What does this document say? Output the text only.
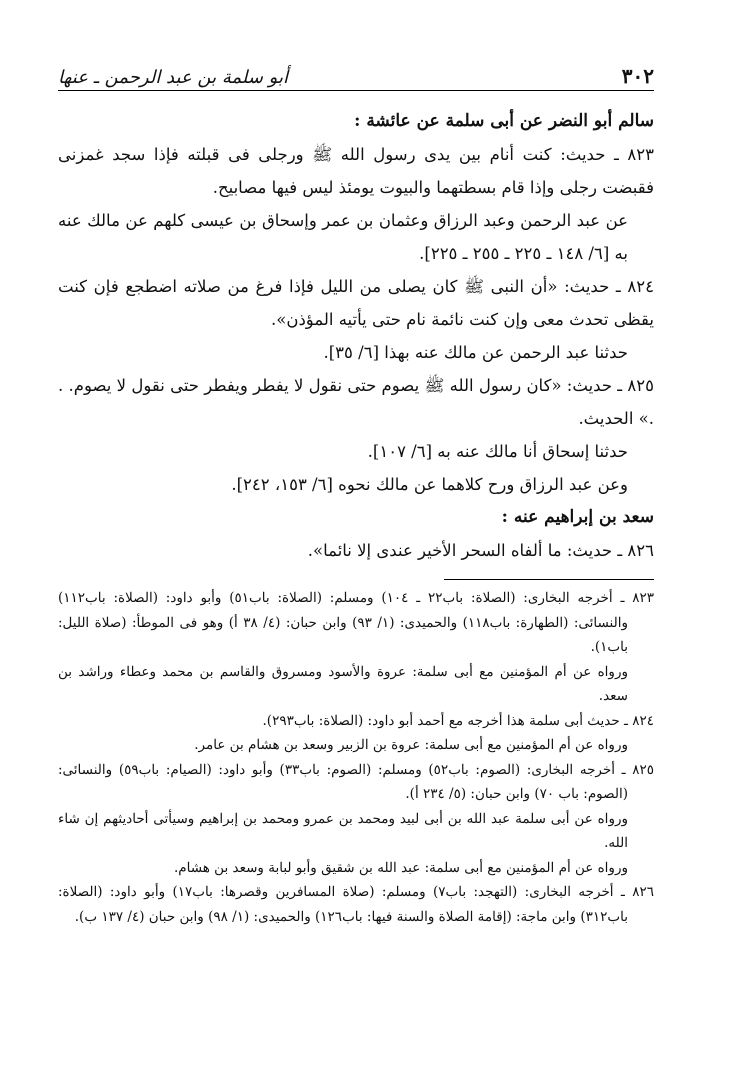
٣٠٢
أبو سلمة بن عبد الرحمن ـ عنها

سالم أبو النضر عن أبى سلمة عن عائشة :

٨٢٣ ـ حديث: كنت أنام بين يدى رسول الله ﷺ ورجلى فى قبلته فإذا سجد غمزنى فقبضت رجلى وإذا قام بسطتهما والبيوت يومئذ ليس فيها مصابيح.

عن عبد الرحمن وعبد الرزاق وعثمان بن عمر وإسحاق بن عيسى كلهم عن مالك عنه به [٦/ ١٤٨ ـ ٢٢٥ ـ ٢٥٥ ـ ٢٢٥].

٨٢٤ ـ حديث: «أن النبى ﷺ كان يصلى من الليل فإذا فرغ من صلاته اضطجع فإن كنت يقظى تحدث معى وإن كنت نائمة نام حتى يأتيه المؤذن».

حدثنا عبد الرحمن عن مالك عنه بهذا [٦/ ٣٥].

٨٢٥ ـ حديث: «كان رسول الله ﷺ يصوم حتى نقول لا يفطر ويفطر حتى نقول لا يصوم. . .» الحديث.

حدثنا إسحاق أنا مالك عنه به [٦/ ١٠٧].

وعن عبد الرزاق ورح كلاهما عن مالك نحوه [٦/ ١٥٣، ٢٤٢].

سعد بن إبراهيم عنه :

٨٢٦ ـ حديث: ما ألفاه السحر الأخير عندى إلا نائما».

٨٢٣ ـ أخرجه البخارى: (الصلاة: باب٢٢ ـ ١٠٤) ومسلم: (الصلاة: باب٥١) وأبو داود: (الصلاة: باب١١٢) والنسائى: (الطهارة: باب١١٨) والحميدى: (١/ ٩٣) وابن حبان: (٤/ ٣٨ أ) وهو فى الموطأ: (صلاة الليل: باب١).

ورواه عن أم المؤمنين مع أبى سلمة: عروة والأسود ومسروق والقاسم بن محمد وعطاء وراشد بن سعد.

٨٢٤ ـ حديث أبى سلمة هذا أخرجه مع أحمد أبو داود: (الصلاة: باب٢٩٣).

ورواه عن أم المؤمنين مع أبى سلمة: عروة بن الزبير وسعد بن هشام بن عامر.

٨٢٥ ـ أخرجه البخارى: (الصوم: باب٥٢) ومسلم: (الصوم: باب٣٣) وأبو داود: (الصيام: باب٥٩) والنسائى: (الصوم: باب ٧٠) وابن حبان: (٥/ ٢٣٤ أ).

ورواه عن أبى سلمة عبد الله بن أبى لبيد ومحمد بن عمرو ومحمد بن إبراهيم وسيأتى أحاديثهم إن شاء الله.

ورواه عن أم المؤمنين مع أبى سلمة: عبد الله بن شقيق وأبو لبابة وسعد بن هشام.

٨٢٦ ـ أخرجه البخارى: (التهجد: باب٧) ومسلم: (صلاة المسافرين وقصرها: باب١٧) وأبو داود: (الصلاة: باب٣١٢) وابن ماجة: (إقامة الصلاة والسنة فيها: باب١٢٦) والحميدى: (١/ ٩٨) وابن حبان (٤/ ١٣٧ ب).
